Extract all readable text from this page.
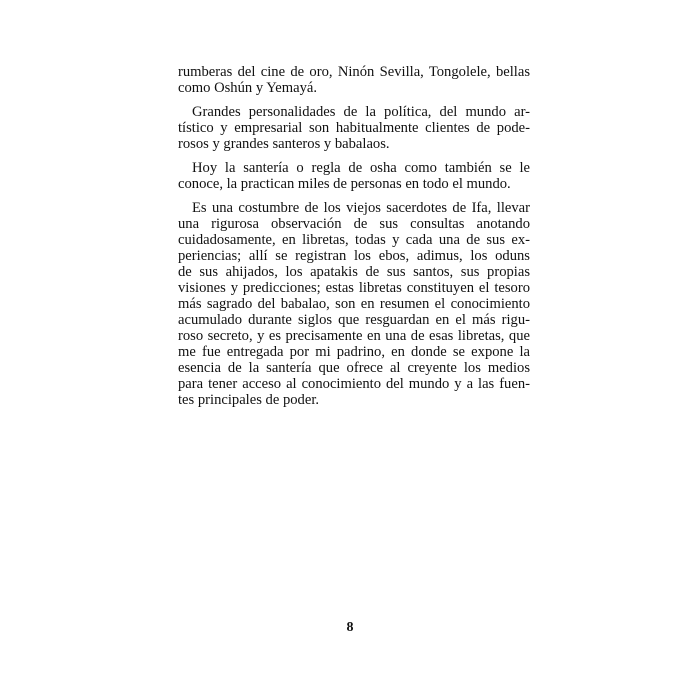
rumberas del cine de oro, Ninón Sevilla, Tongolele, bellas
como Oshún y Yemayá.
Grandes personalidades de la política, del mundo ar-
tístico y empresarial son habitualmente clientes de pode-
rosos y grandes santeros y babalaos.
Hoy la santería o regla de osha como también se le
conoce, la practican miles de personas en todo el mundo.
Es una costumbre de los viejos sacerdotes de Ifa, llevar
una rigurosa observación de sus consultas anotando
cuidadosamente, en libretas, todas y cada una de sus ex-
periencias; allí se registran los ebos, adimus, los oduns
de sus ahijados, los apatakis de sus santos, sus propias
visiones y predicciones; estas libretas constituyen el tesoro
más sagrado del babalao, son en resumen el conocimiento
acumulado durante siglos que resguardan en el más rigu-
roso secreto, y es precisamente en una de esas libretas, que
me fue entregada por mi padrino, en donde se expone la
esencia de la santería que ofrece al creyente los medios
para tener acceso al conocimiento del mundo y a las fuen-
tes principales de poder.
8
